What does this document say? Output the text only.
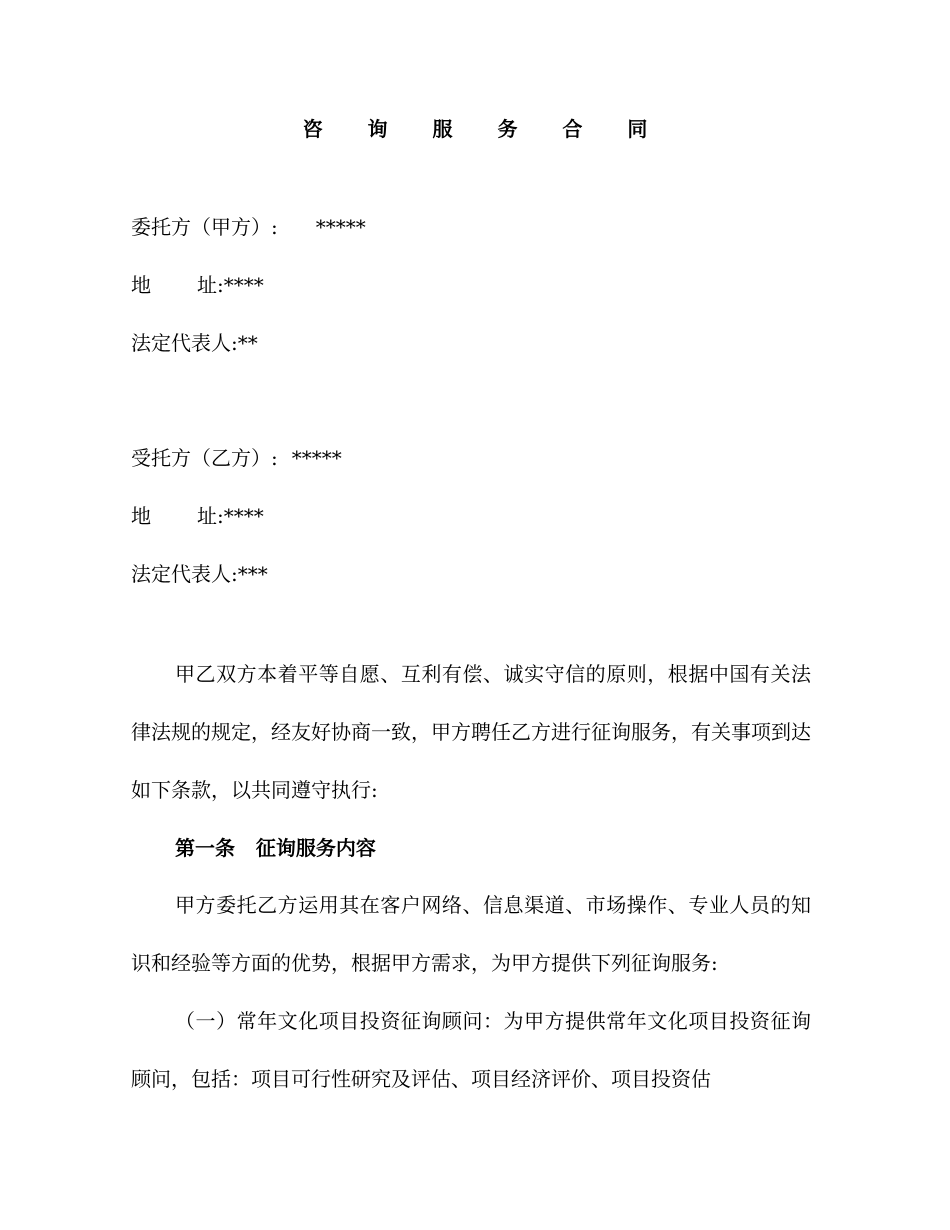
咨 询 服 务 合 同
委托方（甲方）: *****
地 址:****
法定代表人:**
受托方（乙方）: *****
地 址:****
法定代表人:***
甲乙双方本着平等自愿、互利有偿、诚实守信的原则，根据中国有关法律法规的规定，经友好协商一致，甲方聘任乙方进行征询服务，有关事项到达如下条款，以共同遵守执行:
第一条   征询服务内容
甲方委托乙方运用其在客户网络、信息渠道、市场操作、专业人员的知识和经验等方面的优势，根据甲方需求，为甲方提供下列征询服务:
（一）常年文化项目投资征询顾问：为甲方提供常年文化项目投资征询顾问，包括：项目可行性研究及评估、项目经济评价、项目投资估
